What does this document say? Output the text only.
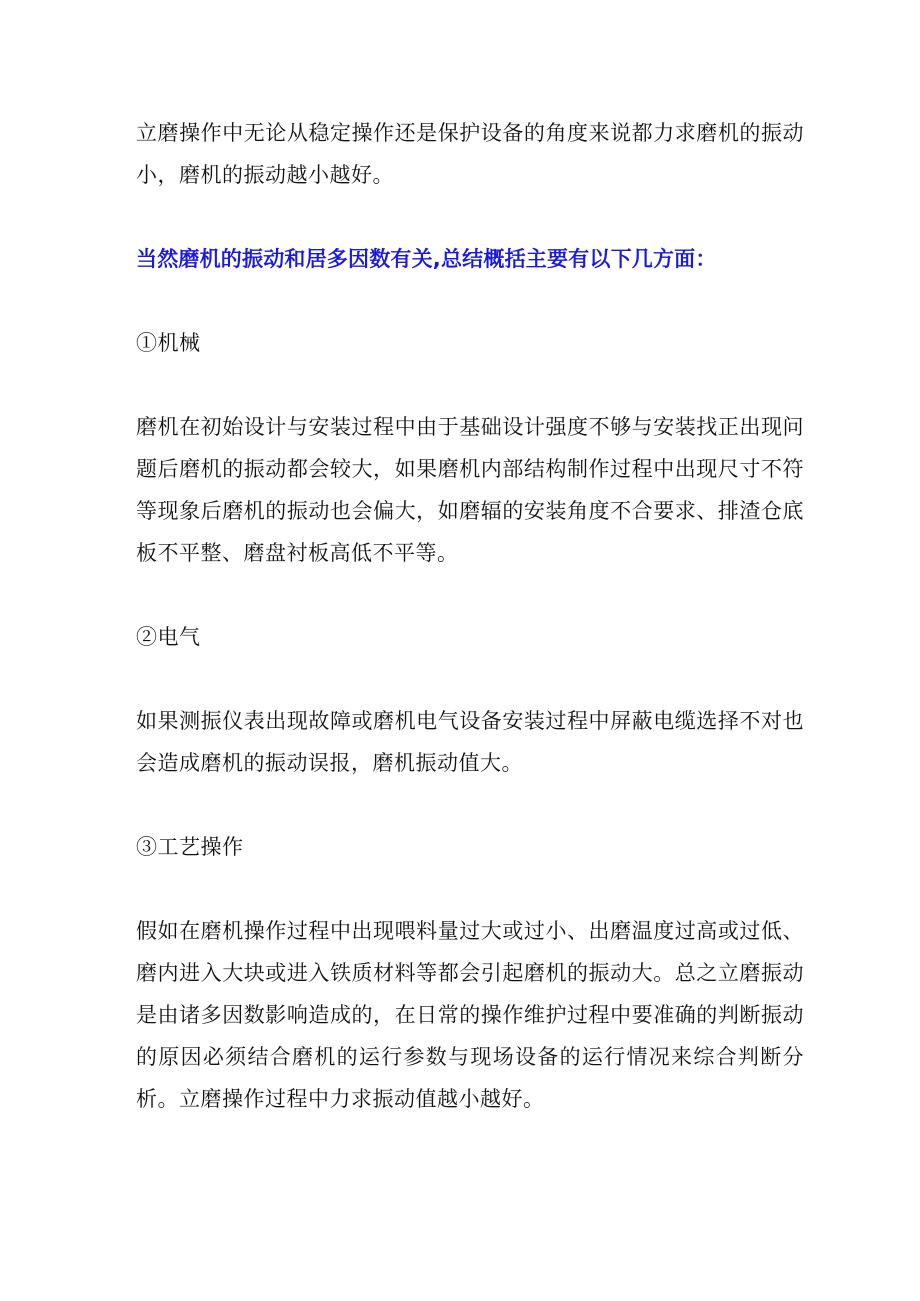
立磨操作中无论从稳定操作还是保护设备的角度来说都力求磨机的振动小，磨机的振动越小越好。

当然磨机的振动和居多因数有关,总结概括主要有以下几方面：

①机械

磨机在初始设计与安装过程中由于基础设计强度不够与安装找正出现问题后磨机的振动都会较大，如果磨机内部结构制作过程中出现尺寸不符等现象后磨机的振动也会偏大，如磨辐的安装角度不合要求、排渣仓底板不平整、磨盘衬板高低不平等。

②电气

如果测振仪表出现故障或磨机电气设备安装过程中屏蔽电缆选择不对也会造成磨机的振动误报，磨机振动值大。

③工艺操作

假如在磨机操作过程中出现喂料量过大或过小、出磨温度过高或过低、磨内进入大块或进入铁质材料等都会引起磨机的振动大。总之立磨振动是由诸多因数影响造成的，在日常的操作维护过程中要准确的判断振动的原因必须结合磨机的运行参数与现场设备的运行情况来综合判断分析。立磨操作过程中力求振动值越小越好。
